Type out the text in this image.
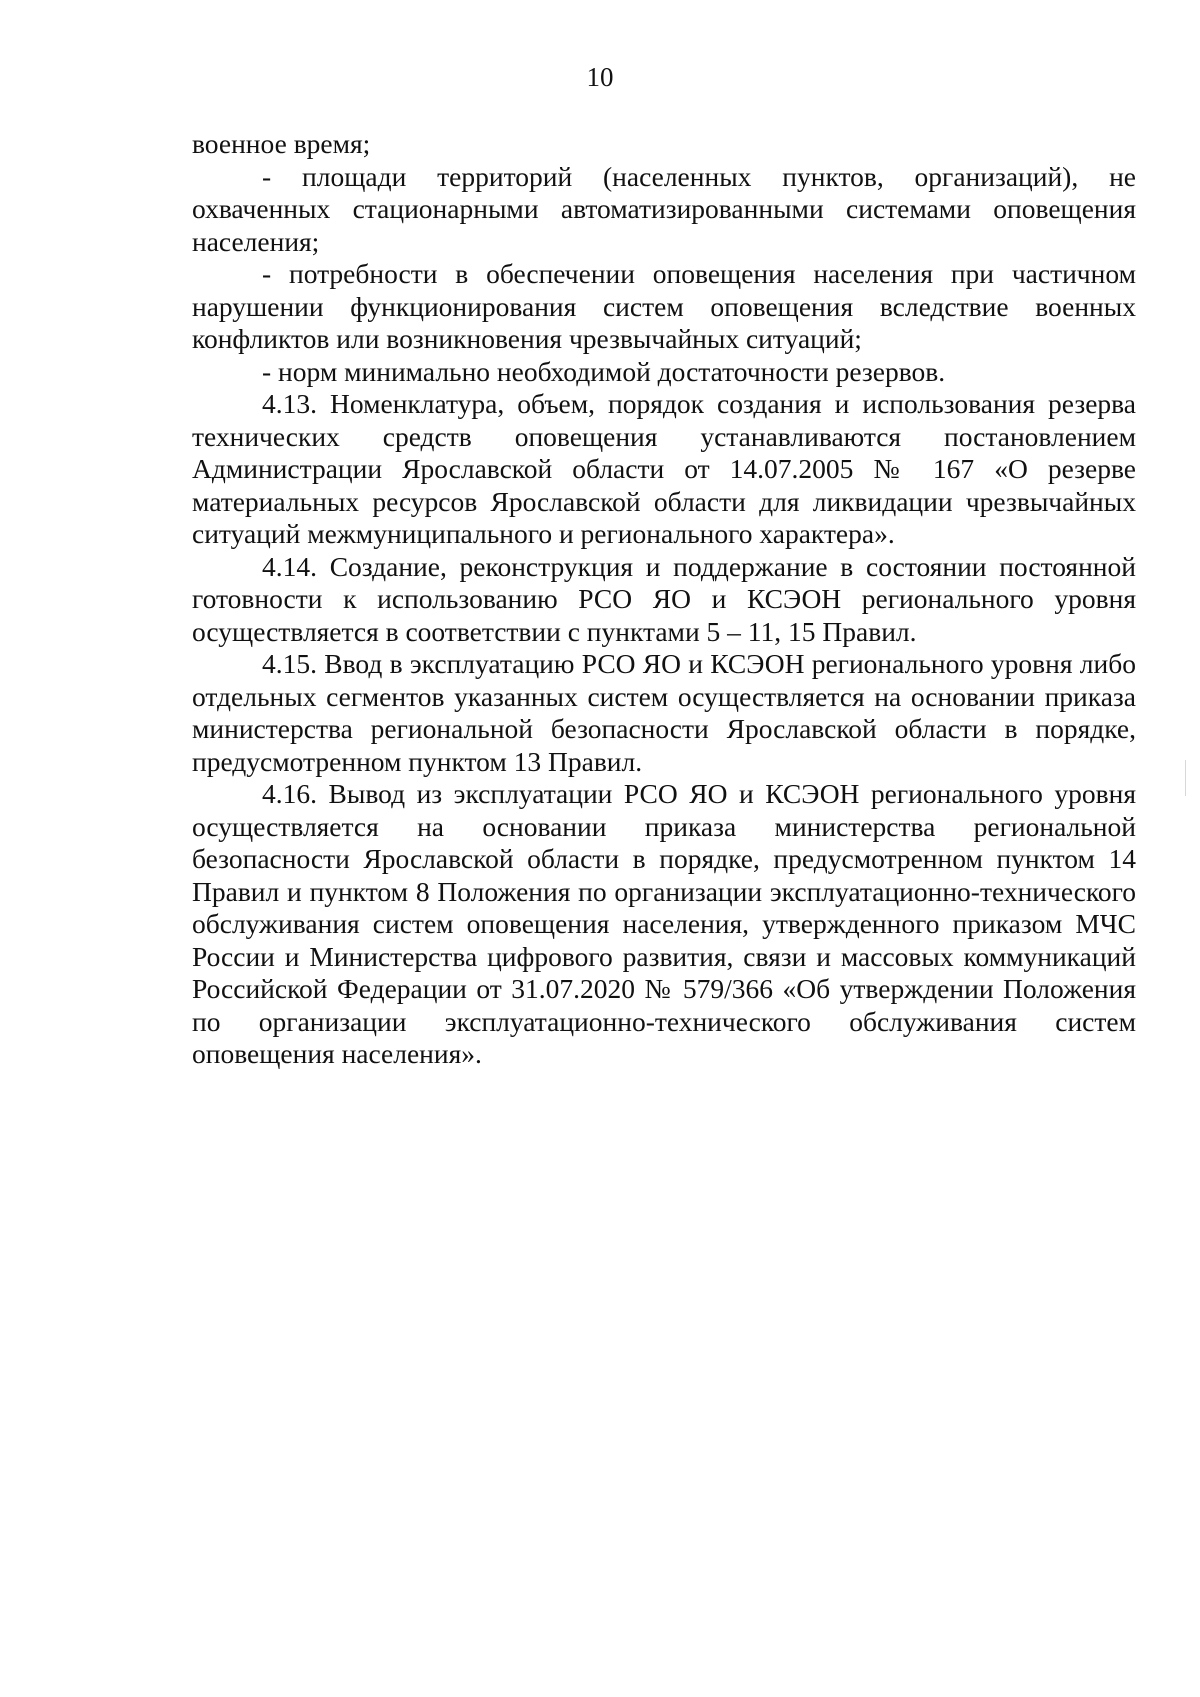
10

военное время;

- площади территорий (населенных пунктов, организаций), не охваченных стационарными автоматизированными системами оповещения населения;

- потребности в обеспечении оповещения населения при частичном нарушении функционирования систем оповещения вследствие военных конфликтов или возникновения чрезвычайных ситуаций;

- норм минимально необходимой достаточности резервов.

4.13. Номенклатура, объем, порядок создания и использования резерва технических средств оповещения устанавливаются постановлением Администрации Ярославской области от 14.07.2005 № 167 «О резерве материальных ресурсов Ярославской области для ликвидации чрезвычайных ситуаций межмуниципального и регионального характера».

4.14. Создание, реконструкция и поддержание в состоянии постоянной готовности к использованию РСО ЯО и КСЭОН регионального уровня осуществляется в соответствии с пунктами 5 – 11, 15 Правил.

4.15. Ввод в эксплуатацию РСО ЯО и КСЭОН регионального уровня либо отдельных сегментов указанных систем осуществляется на основании приказа министерства региональной безопасности Ярославской области в порядке, предусмотренном пунктом 13 Правил.

4.16. Вывод из эксплуатации РСО ЯО и КСЭОН регионального уровня осуществляется на основании приказа министерства региональной безопасности Ярославской области в порядке, предусмотренном пунктом 14 Правил и пунктом 8 Положения по организации эксплуатационно-технического обслуживания систем оповещения населения, утвержденного приказом МЧС России и Министерства цифрового развития, связи и массовых коммуникаций Российской Федерации от 31.07.2020 № 579/366 «Об утверждении Положения по организации эксплуатационно-технического обслуживания систем оповещения населения».
